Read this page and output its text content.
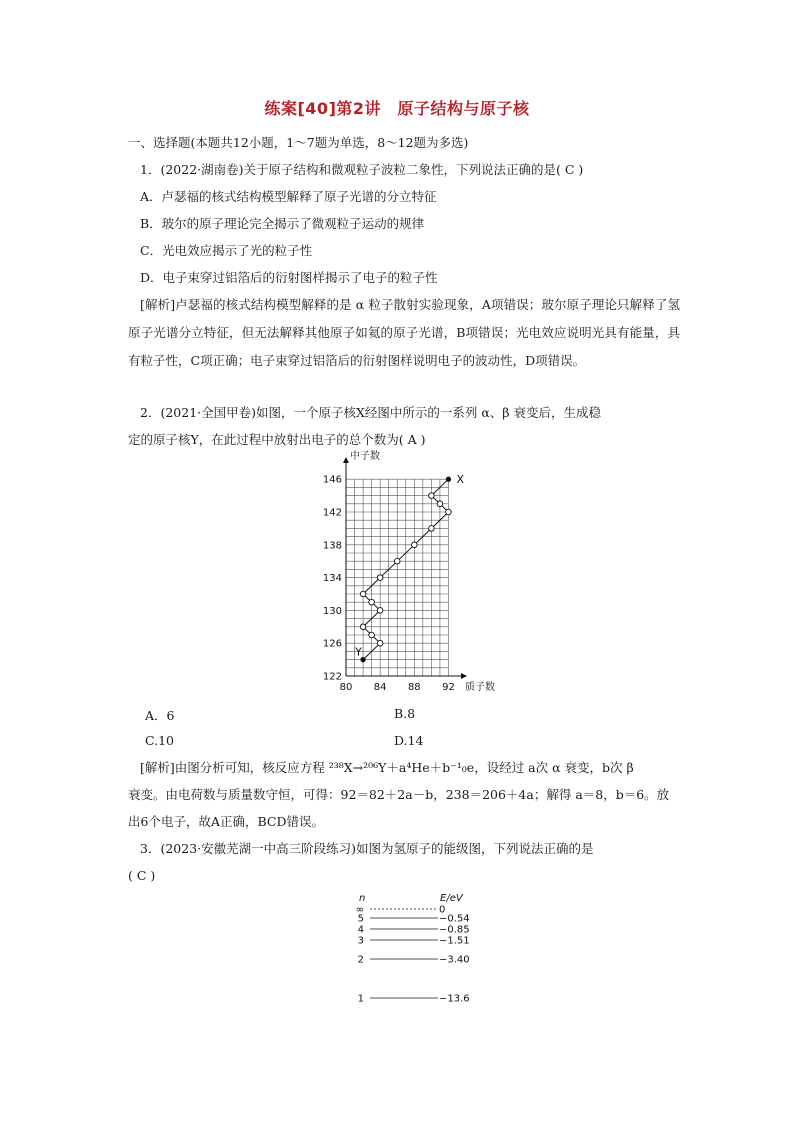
练案[40]第2讲　原子结构与原子核
一、选择题(本题共12小题，1～7题为单选，8～12题为多选)
1．(2022·湖南卷)关于原子结构和微观粒子波粒二象性，下列说法正确的是( C )
A．卢瑟福的核式结构模型解释了原子光谱的分立特征
B．玻尔的原子理论完全揭示了微观粒子运动的规律
C．光电效应揭示了光的粒子性
D．电子束穿过铝箔后的衍射图样揭示了电子的粒子性
[解析]卢瑟福的核式结构模型解释的是 α 粒子散射实验现象，A项错误；玻尔原子理论只解释了氢原子光谱分立特征，但无法解释其他原子如氦的原子光谱，B项错误；光电效应说明光具有能量，具有粒子性，C项正确；电子束穿过铝箔后的衍射图样说明电子的波动性，D项错误。
2．(2021·全国甲卷)如图，一个原子核X经图中所示的一系列 α、β 衰变后，生成稳
定的原子核Y，在此过程中放射出电子的总个数为( A )
80 84 88 92
122
126
130
134
138
142
146
质子数
中子数
X
Y
n	E/eV
∞	0
5	−0.54
4	−0.85
3	−1.51
2	−3.40
1	−13.6
A．6	B.8
C.10	D.14
[解析]由图分析可知，核反应方程 ²³⁸X→²⁰⁶Y＋a⁴He＋b⁻¹₀e，设经过 a次 α 衰变，b次 β
衰变。由电荷数与质量数守恒，可得：92＝82＋2a－b，238＝206＋4a；解得 a＝8，b＝6。放
出6个电子，故A正确，BCD错误。
3．(2023·安徽芜湖一中高三阶段练习)如图为氢原子的能级图，下列说法正确的是
( C )
